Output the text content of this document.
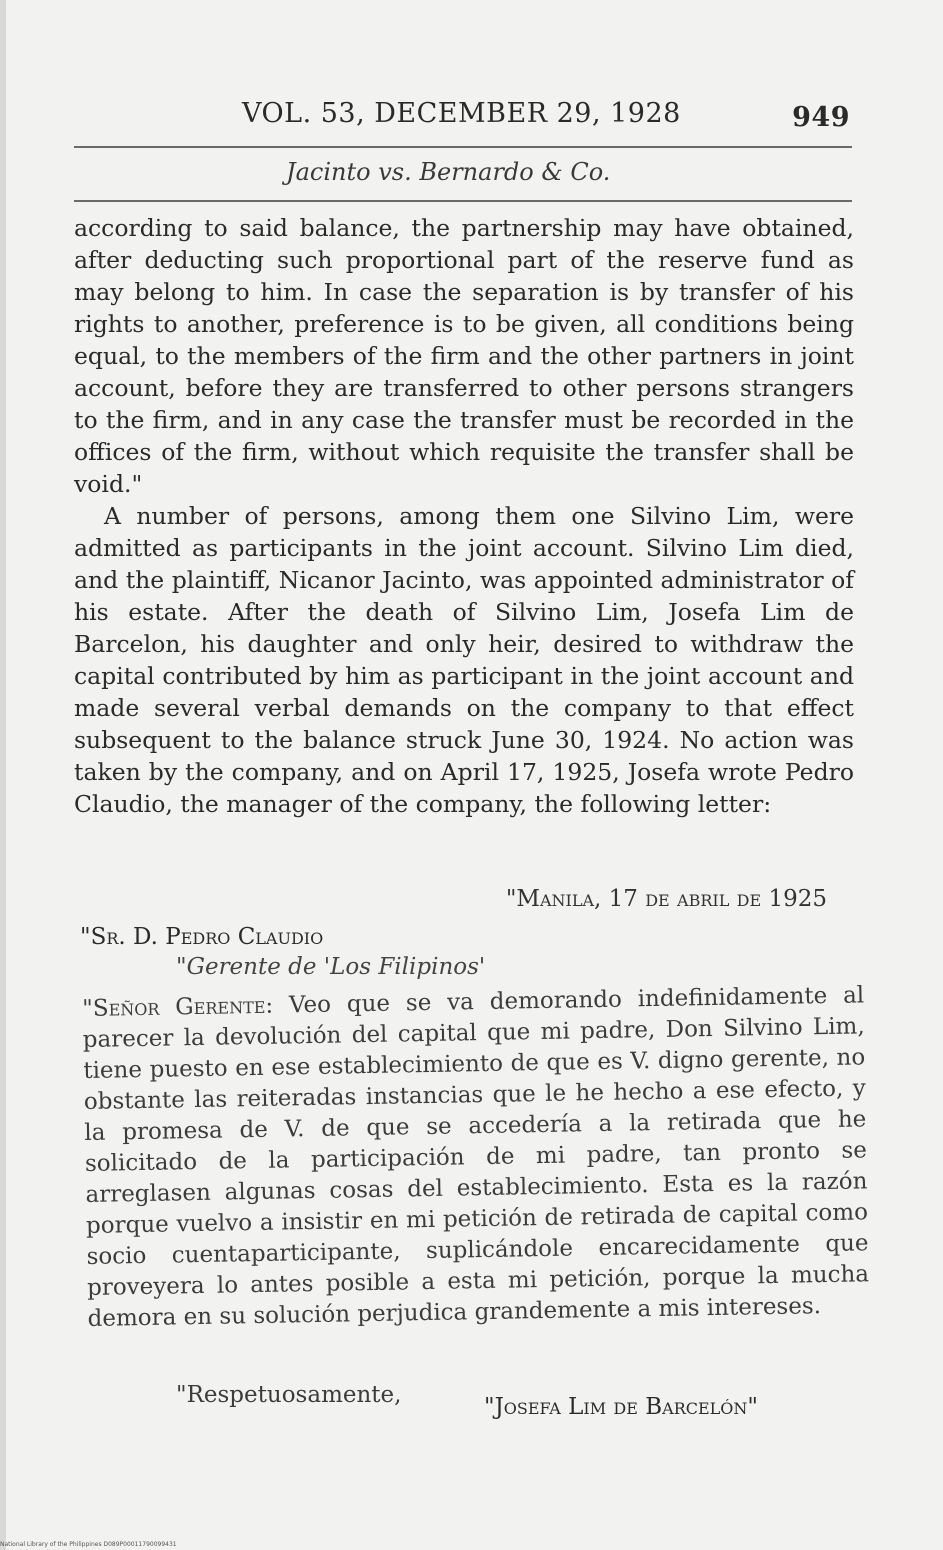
VOL. 53, DECEMBER 29, 1928	949
Jacinto vs. Bernardo & Co.

according to said balance, the partnership may have obtained, after deducting such proportional part of the reserve fund as may belong to him. In case the separation is by transfer of his rights to another, preference is to be given, all conditions being equal, to the members of the firm and the other partners in joint account, before they are transferred to other persons strangers to the firm, and in any case the transfer must be recorded in the offices of the firm, without which requisite the transfer shall be void."

A number of persons, among them one Silvino Lim, were admitted as participants in the joint account. Silvino Lim died, and the plaintiff, Nicanor Jacinto, was appointed administrator of his estate. After the death of Silvino Lim, Josefa Lim de Barcelon, his daughter and only heir, desired to withdraw the capital contributed by him as participant in the joint account and made several verbal demands on the company to that effect subsequent to the balance struck June 30, 1924. No action was taken by the company, and on April 17, 1925, Josefa wrote Pedro Claudio, the manager of the company, the following letter:

"Manila, 17 de abril de 1925
"Sr. D. Pedro Claudio
"Gerente de 'Los Filipinos'
"Señor Gerente: Veo que se va demorando indefinidamente al parecer la devolución del capital que mi padre, Don Silvino Lim, tiene puesto en ese establecimiento de que es V. digno gerente, no obstante las reiteradas instancias que le he hecho a ese efecto, y la promesa de V. de que se accedería a la retirada que he solicitado de la participación de mi padre, tan pronto se arreglasen algunas cosas del establecimiento. Esta es la razón porque vuelvo a insistir en mi petición de retirada de capital como socio cuentaparticipante, suplicándole encarecidamente que proveyera lo antes posible a esta mi petición, porque la mucha demora en su solución perjudica grandemente a mis intereses.
"Respetuosamente,	"Josefa Lim de Barcelón"
National Library of the Philippines D089P00011790099431
